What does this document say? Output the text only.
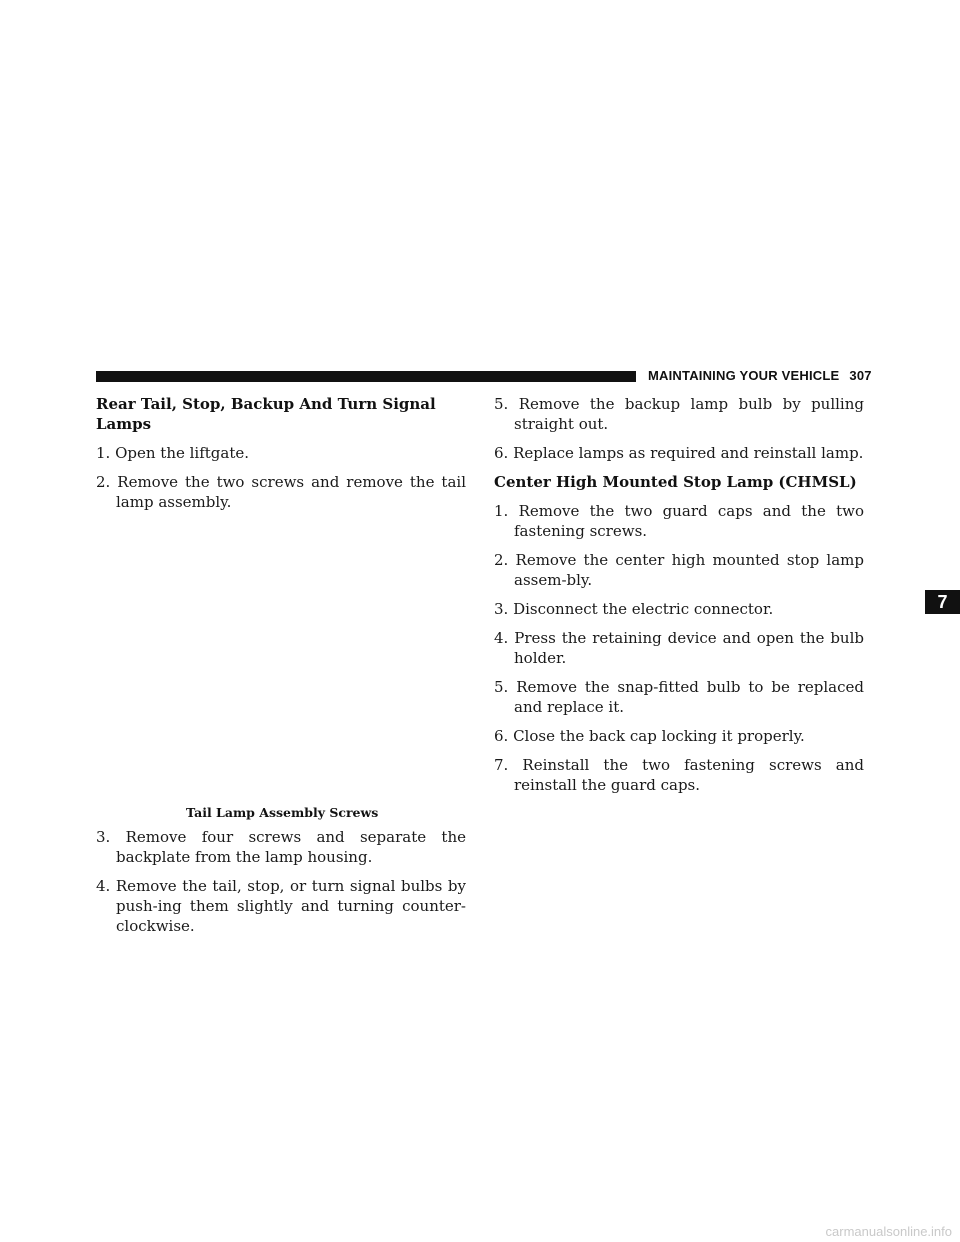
MAINTAINING YOUR VEHICLE 307

Rear Tail, Stop, Backup And Turn Signal Lamps

1. Open the liftgate.

2. Remove the two screws and remove the tail lamp assembly.

Tail Lamp Assembly Screws

3. Remove four screws and separate the backplate from the lamp housing.

4. Remove the tail, stop, or turn signal bulbs by push-ing them slightly and turning counter-clockwise.

5. Remove the backup lamp bulb by pulling straight out.

6. Replace lamps as required and reinstall lamp.

Center High Mounted Stop Lamp (CHMSL)

1. Remove the two guard caps and the two fastening screws.

2. Remove the center high mounted stop lamp assem-bly.

3. Disconnect the electric connector.

4. Press the retaining device and open the bulb holder.

5. Remove the snap-fitted bulb to be replaced and replace it.

6. Close the back cap locking it properly.

7. Reinstall the two fastening screws and reinstall the guard caps.

7
carmanualsonline.info
